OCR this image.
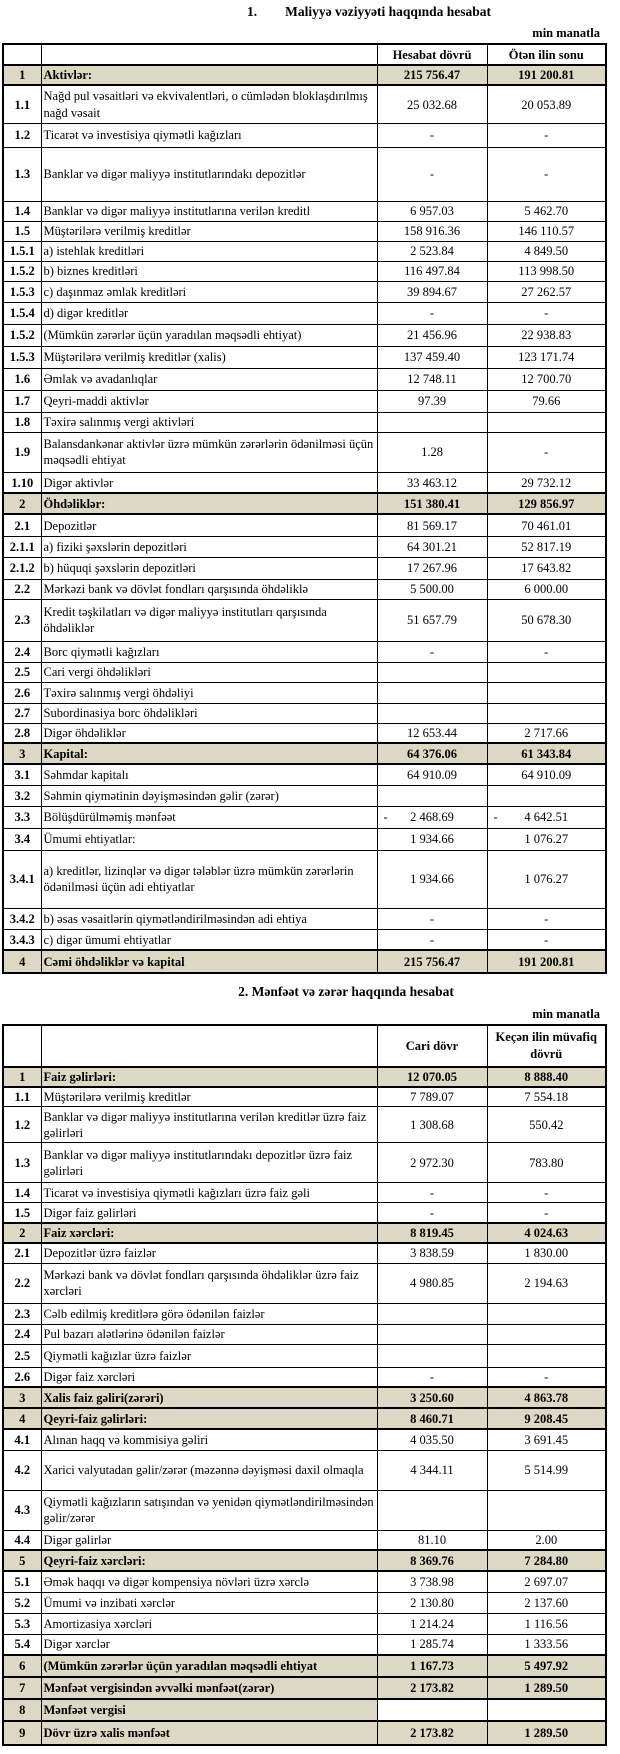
1. Maliyyə vəziyyəti haqqında hesabat
min manatla
		Hesabat dövrü	Ötən ilin sonu
1	Aktivlər:	215 756.47	191 200.81
1.1	Nağd pul vəsaitləri və ekvivalentləri, o cümlədən bloklaşdırılmış nağd vəsait	25 032.68	20 053.89
1.2	Ticarət və investisiya qiymətli kağızları	-	-
1.3	Banklar və digər maliyyə institutlarındakı depozitlər	-	-
1.4	Banklar və digər maliyyə institutlarına verilən kreditl	6 957.03	5 462.70
1.5	Müştərilərə verilmiş kreditlər	158 916.36	146 110.57
1.5.1	a) istehlak kreditləri	2 523.84	4 849.50
1.5.2	b) biznes kreditləri	116 497.84	113 998.50
1.5.3	c) daşınmaz əmlak kreditləri	39 894.67	27 262.57
1.5.4	d) digər kreditlər	-	-
1.5.2	(Mümkün zərərlər üçün yaradılan məqsədli ehtiyat)	21 456.96	22 938.83
1.5.3	Müştərilərə verilmiş kreditlər (xalis)	137 459.40	123 171.74
1.6	Əmlak və avadanlıqlar	12 748.11	12 700.70
1.7	Qeyri-maddi aktivlər	97.39	79.66
1.8	Təxirə salınmış vergi aktivləri		
1.9	Balansdankənar aktivlər üzrə mümkün zərərlərin ödənilməsi üçün məqsədli ehtiyat	1.28	-
1.10	Digər aktivlər	33 463.12	29 732.12
2	Öhdəliklər:	151 380.41	129 856.97
2.1	Depozitlər	81 569.17	70 461.01
2.1.1	a) fiziki şəxslərin depozitləri	64 301.21	52 817.19
2.1.2	b) hüquqi şəxslərin depozitləri	17 267.96	17 643.82
2.2	Mərkəzi bank və dövlət fondları qarşısında öhdəliklə	5 500.00	6 000.00
2.3	Kredit təşkilatları və digər maliyyə institutları qarşısında öhdəliklər	51 657.79	50 678.30
2.4	Borc qiymətli kağızları	-	-
2.5	Cari vergi öhdəlikləri		
2.6	Təxirə salınmış vergi öhdəliyi		
2.7	Subordinasiya borc öhdəlikləri		
2.8	Digər öhdəliklər	12 653.44	2 717.66
3	Kapital:	64 376.06	61 343.84
3.1	Səhmdar kapitalı	64 910.09	64 910.09
3.2	Səhmin qiymətinin dəyişməsindən gəlir (zərər)		
3.3	Bölüşdürülməmiş mənfəət	- 2 468.69	- 4 642.51
3.4	Ümumi ehtiyatlar:	1 934.66	1 076.27
3.4.1	a) kreditlər, lizinqlər və digər tələblər üzrə mümkün zərərlərin ödənilməsi üçün adi ehtiyatlar	1 934.66	1 076.27
3.4.2	b) əsas vəsaitlərin qiymətləndirilməsindən adi ehtiya	-	-
3.4.3	c) digər ümumi ehtiyatlar	-	-
4	Cəmi öhdəliklər və kapital	215 756.47	191 200.81
2. Mənfəət və zərər haqqında hesabat
min manatla
		Cari dövr	Keçən ilin müvafiq dövrü
1	Faiz gəlirləri:	12 070.05	8 888.40
1.1	Müştərilərə verilmiş kreditlər	7 789.07	7 554.18
1.2	Banklar və digər maliyyə institutlarına verilən kreditlər üzrə faiz gəlirləri	1 308.68	550.42
1.3	Banklar və digər maliyyə institutlarındakı depozitlər üzrə faiz gəlirləri	2 972.30	783.80
1.4	Ticarət və investisiya qiymətli kağızları üzrə faiz gəli	-	-
1.5	Digər faiz gəlirləri	-	-
2	Faiz xərcləri:	8 819.45	4 024.63
2.1	Depozitlər üzrə faizlər	3 838.59	1 830.00
2.2	Mərkəzi bank və dövlət fondları qarşısında öhdəliklər üzrə faiz xərcləri	4 980.85	2 194.63
2.3	Cəlb edilmiş kreditlərə görə ödənilən faizlər		
2.4	Pul bazarı alətlərinə ödənilən faizlər		
2.5	Qiymətli kağızlar üzrə faizlər		
2.6	Digər faiz xərcləri	-	-
3	Xalis faiz gəliri(zərəri)	3 250.60	4 863.78
4	Qeyri-faiz gəlirləri:	8 460.71	9 208.45
4.1	Alınan haqq və kommisiya gəliri	4 035.50	3 691.45
4.2	Xarici valyutadan gəlir/zərər (məzənnə dəyişməsi daxil olmaqla	4 344.11	5 514.99
4.3	Qiymətli kağızların satışından və yenidən qiymətləndirilməsindən gəlir/zərər		
4.4	Digər gəlirlər	81.10	2.00
5	Qeyri-faiz xərcləri:	8 369.76	7 284.80
5.1	Əmək haqqı və digər kompensiya növləri üzrə xərclə	3 738.98	2 697.07
5.2	Ümumi və inzibati xərclər	2 130.80	2 137.60
5.3	Amortizasiya xərcləri	1 214.24	1 116.56
5.4	Digər xərclər	1 285.74	1 333.56
6	(Mümkün zərərlər üçün yaradılan məqsədli ehtiyat	1 167.73	5 497.92
7	Mənfəət vergisindən əvvəlki mənfəət(zərər)	2 173.82	1 289.50
8	Mənfəət vergisi		
9	Dövr üzrə xalis mənfəət	2 173.82	1 289.50
